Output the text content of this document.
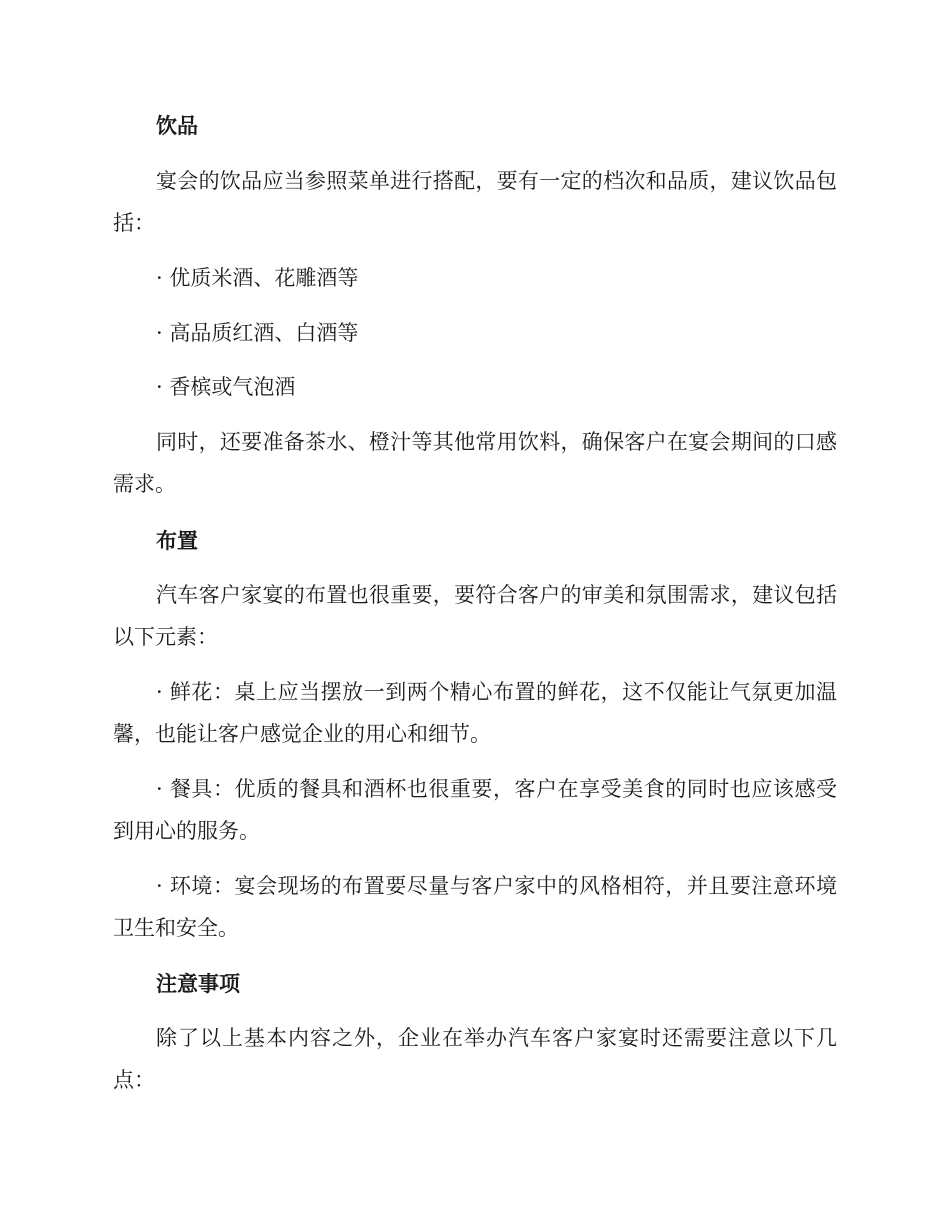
饮品
宴会的饮品应当参照菜单进行搭配，要有一定的档次和品质，建议饮品包括：
· 优质米酒、花雕酒等
· 高品质红酒、白酒等
· 香槟或气泡酒
同时，还要准备茶水、橙汁等其他常用饮料，确保客户在宴会期间的口感需求。
布置
汽车客户家宴的布置也很重要，要符合客户的审美和氛围需求，建议包括以下元素：
· 鲜花：桌上应当摆放一到两个精心布置的鲜花，这不仅能让气氛更加温馨，也能让客户感觉企业的用心和细节。
· 餐具：优质的餐具和酒杯也很重要，客户在享受美食的同时也应该感受到用心的服务。
· 环境：宴会现场的布置要尽量与客户家中的风格相符，并且要注意环境卫生和安全。
注意事项
除了以上基本内容之外，企业在举办汽车客户家宴时还需要注意以下几点：
